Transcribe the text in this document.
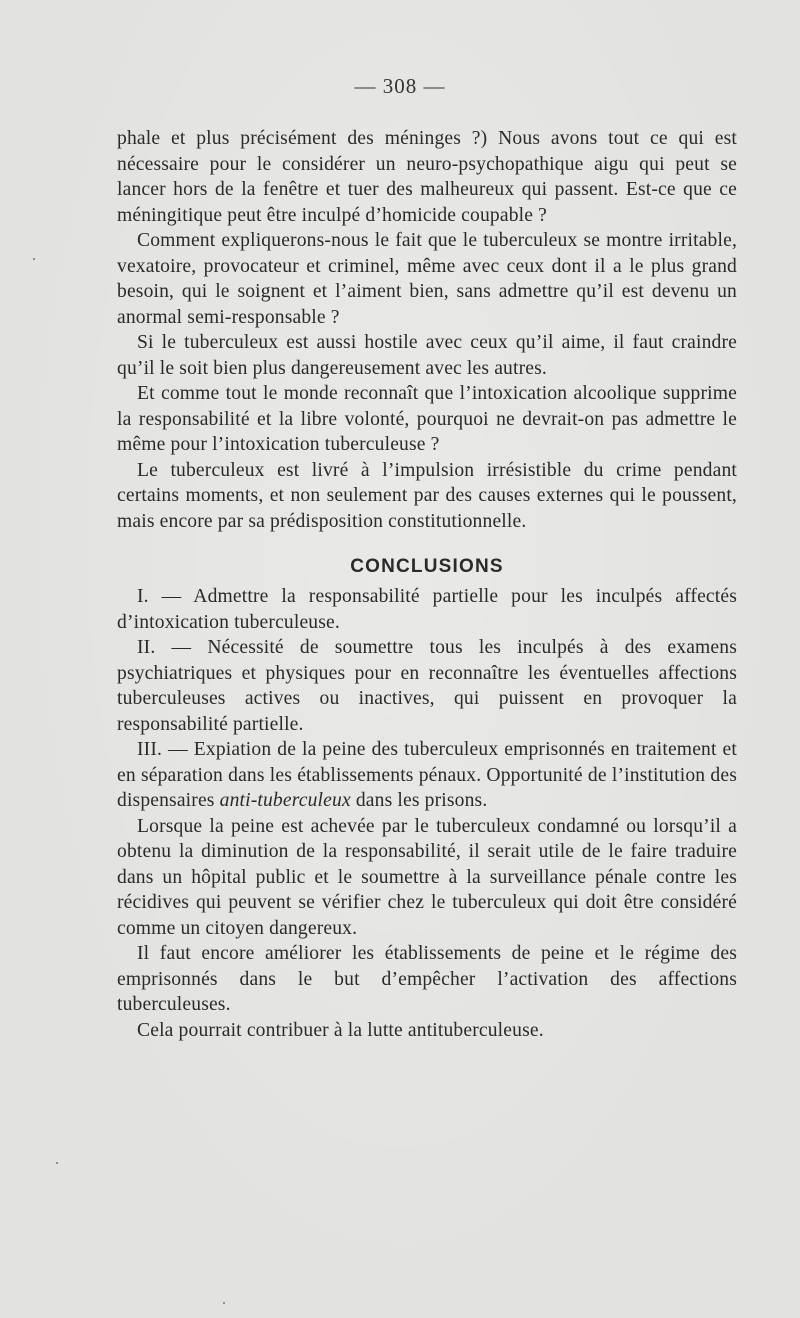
— 308 —

phale et plus précisément des méninges ?) Nous avons tout ce qui est nécessaire pour le considérer un neuro-psychopathique aigu qui peut se lancer hors de la fenêtre et tuer des malheureux qui passent. Est-ce que ce méningitique peut être inculpé d’homicide coupable ?

Comment expliquerons-nous le fait que le tuberculeux se montre irritable, vexatoire, provocateur et criminel, même avec ceux dont il a le plus grand besoin, qui le soignent et l’aiment bien, sans admettre qu’il est devenu un anormal semi-responsable ?

Si le tuberculeux est aussi hostile avec ceux qu’il aime, il faut craindre qu’il le soit bien plus dangereusement avec les autres.

Et comme tout le monde reconnaît que l’intoxication alcoolique supprime la responsabilité et la libre volonté, pourquoi ne devrait-on pas admettre le même pour l’intoxication tuberculeuse ?

Le tuberculeux est livré à l’impulsion irrésistible du crime pendant certains moments, et non seulement par des causes externes qui le poussent, mais encore par sa prédisposition constitutionnelle.

CONCLUSIONS

I. — Admettre la responsabilité partielle pour les inculpés affectés d’intoxication tuberculeuse.

II. — Nécessité de soumettre tous les inculpés à des examens psychiatriques et physiques pour en reconnaître les éventuelles affections tuberculeuses actives ou inactives, qui puissent en provoquer la responsabilité partielle.

III. — Expiation de la peine des tuberculeux emprisonnés en traitement et en séparation dans les établissements pénaux. Opportunité de l’institution des dispensaires anti-tuberculeux dans les prisons.

Lorsque la peine est achevée par le tuberculeux condamné ou lorsqu’il a obtenu la diminution de la responsabilité, il serait utile de le faire traduire dans un hôpital public et le soumettre à la surveillance pénale contre les récidives qui peuvent se vérifier chez le tuberculeux qui doit être considéré comme un citoyen dangereux.

Il faut encore améliorer les établissements de peine et le régime des emprisonnés dans le but d’empêcher l’activation des affections tuberculeuses.

Cela pourrait contribuer à la lutte antituberculeuse.
